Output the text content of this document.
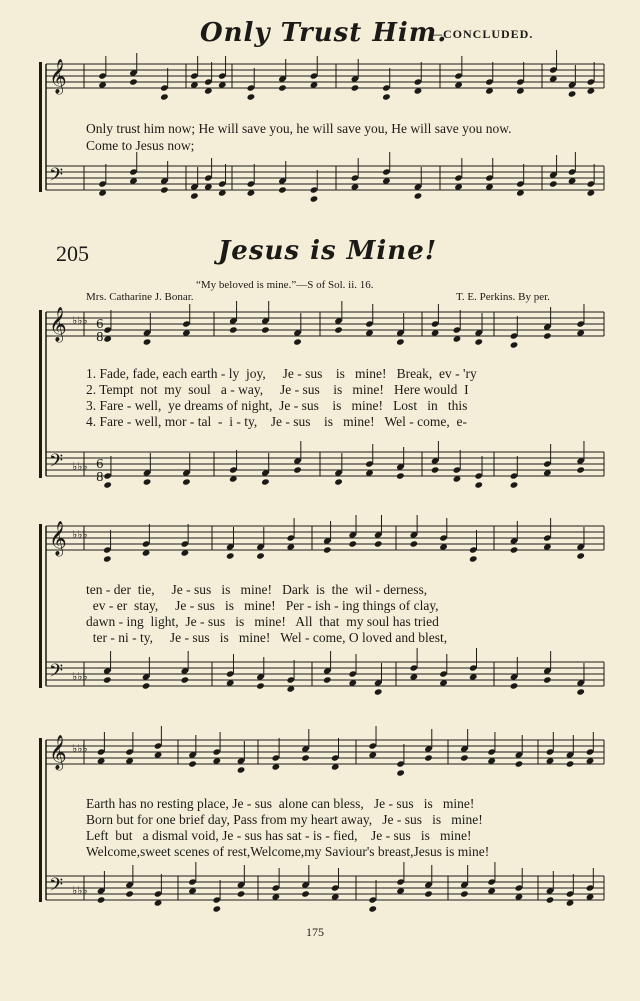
Only Trust Him.
—CONCLUDED.
Only trust him now; He will save you, he will save you, He will save you now.
Come to Jesus now;
205	Jesus is Mine!
“My beloved is mine.”—S of Sol. ii. 16.
Mrs. Catharine J. Bonar.	T. E. Perkins. By per.
1. Fade, fade, each earth - ly  joy,     Je - sus    is   mine!   Break,  ev - 'ry
2. Tempt  not  my  soul   a - way,     Je - sus    is   mine!   Here would  I
3. Fare - well,  ye dreams of night,  Je - sus    is   mine!   Lost   in   this
4. Fare - well, mor - tal  -  i - ty,    Je - sus    is   mine!   Wel - come,  e-
ten - der  tie,     Je - sus   is   mine!   Dark  is  the  wil - derness,
ev - er  stay,     Je - sus   is   mine!   Per - ish - ing things of clay,
dawn - ing  light,  Je - sus   is   mine!   All  that  my soul has tried
ter - ni - ty,     Je - sus   is   mine!   Wel - come, O loved and blest,
Earth has no resting place, Je - sus  alone can bless,   Je - sus   is   mine!
Born but for one brief day, Pass from my heart away,   Je - sus   is   mine!
Left  but   a dismal void, Je - sus has sat - is - fied,    Je - sus   is   mine!
Welcome,sweet scenes of rest,Welcome,my Saviour's breast,Jesus is mine!
175
𝄞
𝄢
𝄞
𝄢
♭♭♭
♭♭♭
𝄞
𝄢
♭♭♭
♭♭♭
𝄞
𝄢
♭♭♭
♭♭♭
6
8
6
8
